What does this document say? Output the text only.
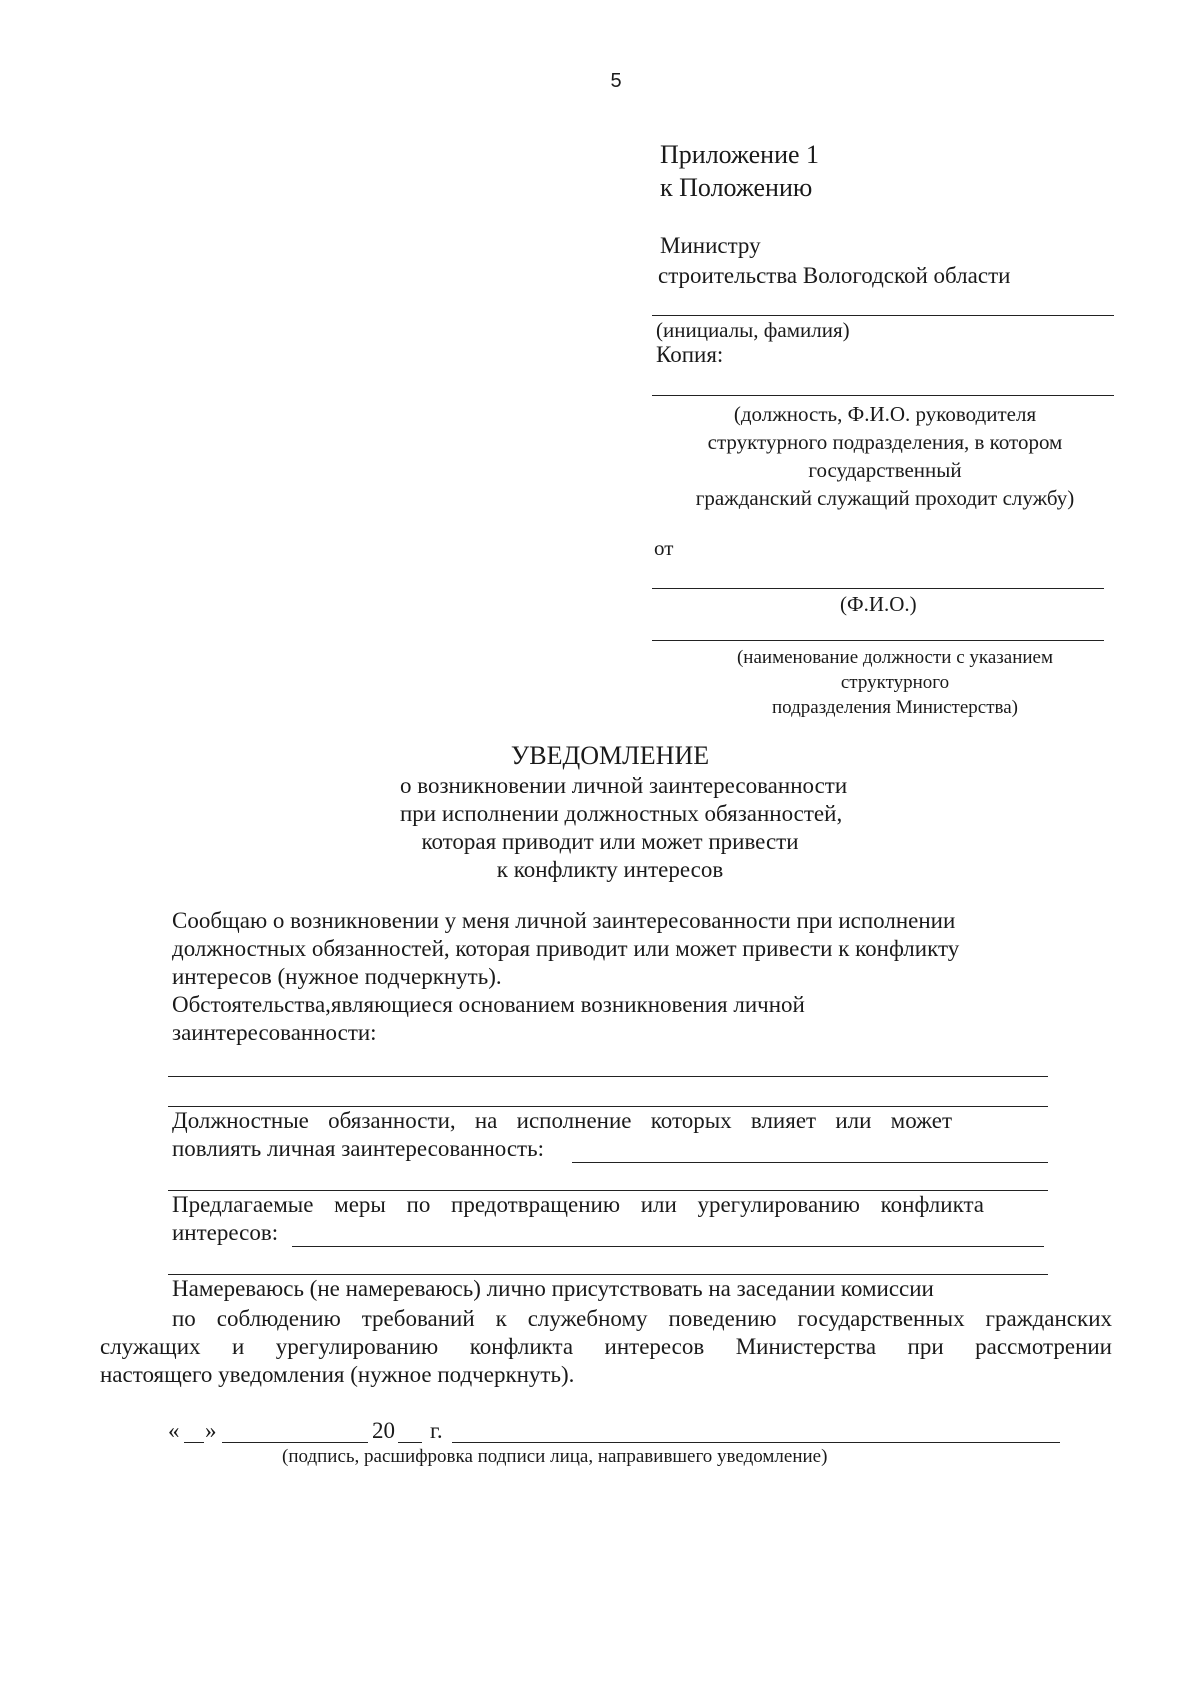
5
Приложение 1
к Положению
Министру
строительства Вологодской области
(инициалы, фамилия)
Копия:
(должность, Ф.И.О. руководителя
структурного подразделения, в котором
государственный
гражданский служащий проходит службу)
от
(Ф.И.О.)
(наименование должности с указанием
структурного
подразделения Министерства)
УВЕДОМЛЕНИЕ
о возникновении личной заинтересованности
при исполнении должностных обязанностей,
которая приводит или может привести
к конфликту интересов
Сообщаю о возникновении у меня личной заинтересованности при исполнении
должностных обязанностей, которая приводит или может привести к конфликту
интересов (нужное подчеркнуть).
Обстоятельства,являющиеся основанием возникновения личной
заинтересованности:
Должностные обязанности, на исполнение которых влияет или может
повлиять личная заинтересованность:
Предлагаемые меры по предотвращению или урегулированию конфликта
интересов:
Намереваюсь (не намереваюсь) лично присутствовать на заседании комиссии
по соблюдению требований к служебному поведению государственных гражданских
служащих и урегулированию конфликта интересов Министерства при рассмотрении
настоящего уведомления (нужное подчеркнуть).
« »	20 г.
(подпись, расшифровка подписи лица, направившего уведомление)
